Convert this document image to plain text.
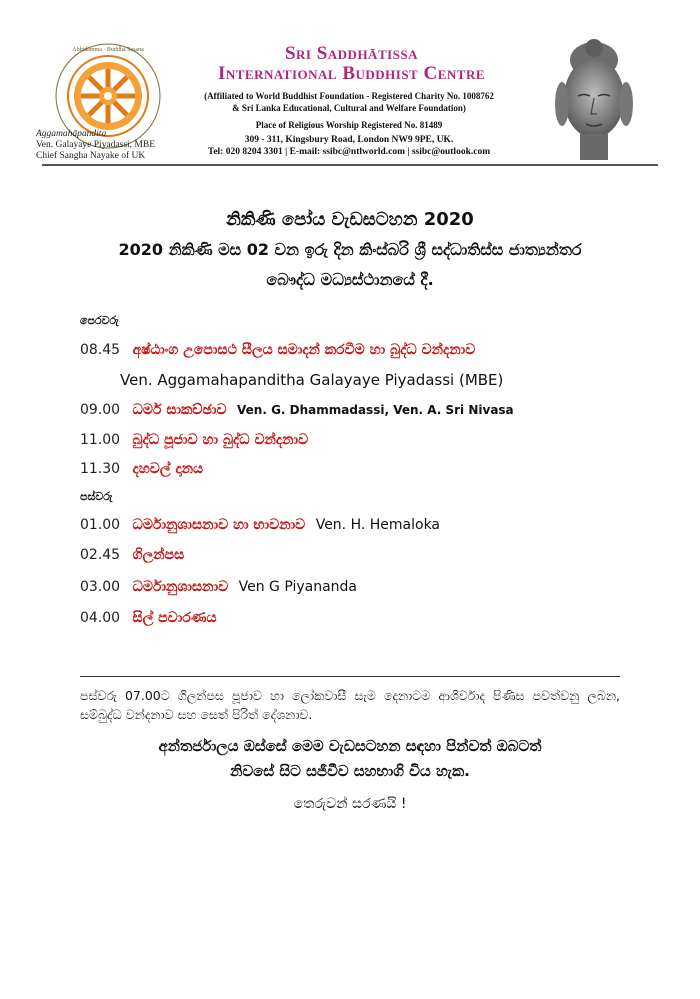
Abhidamma · Buddha Sasana
Aggamahāpandita
Ven. Galayaye Piyadassi, MBE
Chief Sangha Nayake of UK
Sri Saddhātissa
International Buddhist Centre
(Affiliated to World Buddhist Foundation - Registered Charity No. 1008762
& Sri Lanka Educational, Cultural and Welfare Foundation)
Place of Religious Worship Registered No. 81489
309 - 311, Kingsbury Road, London NW9 9PE, UK.
Tel: 020 8204 3301 | E-mail: ssibc@ntlworld.com | ssibc@outlook.com
නිකිණි පෝය වැඩසටහන 2020
2020 නිකිණි මස 02 වන ඉරු දින කිංස්බරි ශ්‍රී සද්ධාතිස්ස ජාත්‍යන්තර
බෞද්ධ මධ්‍යස්ථානයේ දී.
පෙරවරු
08.45 අෂ්ඨාංග උපොසථ සීලය සමාදන් කරවීම හා බුද්ධ වන්දනාව
Ven. Aggamahapanditha Galayaye Piyadassi (MBE)
09.00 ධර්ම සාකච්ඡාව Ven. G. Dhammadassi, Ven. A. Sri Nivasa
11.00 බුද්ධ පූජාව හා බුද්ධ වන්දනාව
11.30 දහවල් දානය
පස්වරු
01.00 ධර්මානුශාසනාව හා භාවනාව Ven. H. Hemaloka
02.45 ගිලන්පස
03.00 ධර්මානුශාසනාව Ven G Piyananda
04.00 සිල් පවාරණය
පස්වරු 07.00ට ගිලන්පස පූජාව හා ලෝකවාසී සැම දෙනාටම ආශිර්වාද පිණිස පවත්වනු ලබන, සම්බුද්ධ වන්දනාව සහ සෙත් පිරිත් දේශනාව.
අන්තර්ජාලය ඔස්සේ මෙම වැඩසටහන සඳහා පින්වත් ඔබටත්
නිවසේ සිට සජීවීව සහභාගි විය හැක.
තෙරුවන් සරණයි !
